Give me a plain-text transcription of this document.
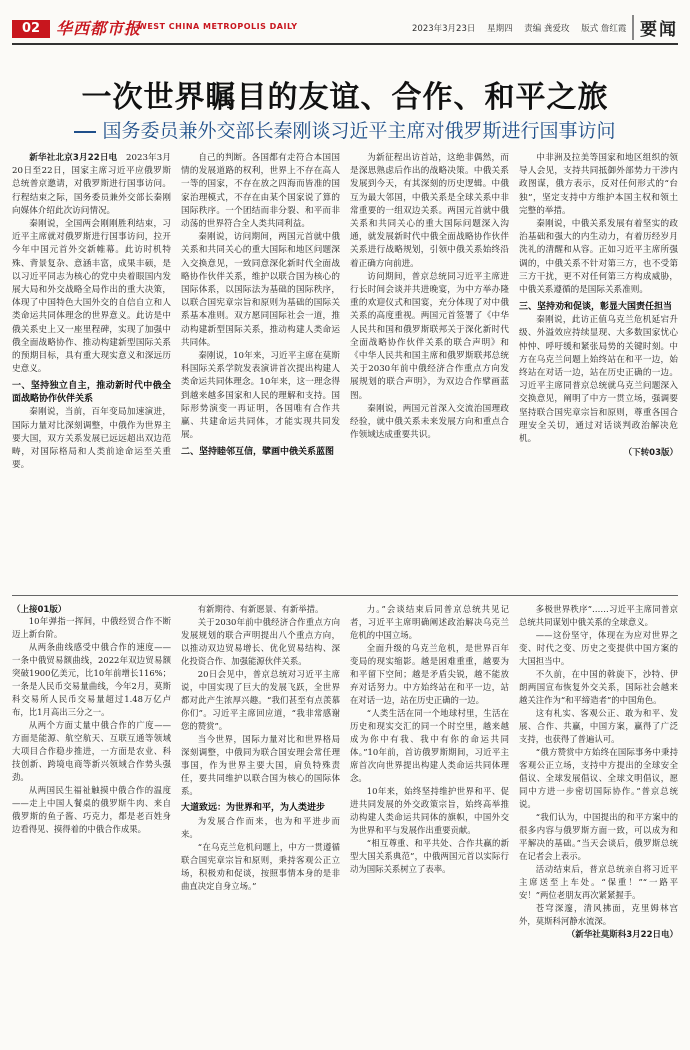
02 华西都市报
WEST CHINA METROPOLIS DAILY	2023年3月23日 星期四 责编 龚爱玫 版式 詹红霞 要闻
一次世界瞩目的友谊、合作、和平之旅
国务委员兼外交部长秦刚谈习近平主席对俄罗斯进行国事访问

新华社北京3月22日电　 2023年3月20日至22日，国家主席习近平应俄罗斯总统普京邀请，对俄罗斯进行国事访问。行程结束之际，国务委员兼外交部长秦刚向媒体介绍此次访问情况。

秦刚说，全国两会刚刚胜利结束，习近平主席就对俄罗斯进行国事访问，拉开今年中国元首外交新帷幕。此访时机特殊、背景复杂、意涵丰富，成果丰硕，是以习近平同志为核心的党中央着眼国内发展大局和外交战略全局作出的重大决策，体现了中国特色大国外交的自信自立和人类命运共同体理念的世界意义。此访是中俄关系史上又一座里程碑，实现了加强中俄全面战略协作、推动构建新型国际关系的预期目标，具有重大现实意义和深远历史意义。

一、坚持独立自主，推动新时代中俄全面战略协作伙伴关系

秦刚说，当前，百年变局加速演进，国际力量对比深刻调整，中俄作为世界主要大国，双方关系发展已远远超出双边范畴，对国际格局和人类前途命运至关重要。

自己的判断。各国都有走符合本国国情的发展道路的权利，世界上不存在高人一等的国家，不存在放之四海而皆准的国家治理模式，不存在由某个国家说了算的国际秩序。一个团结而非分裂、和平而非动荡的世界符合全人类共同利益。

秦刚说，访问期间，两国元首就中俄关系和共同关心的重大国际和地区问题深入交换意见，一致同意深化新时代全面战略协作伙伴关系，维护以联合国为核心的国际体系，以国际法为基础的国际秩序，以联合国宪章宗旨和原则为基础的国际关系基本准则。双方愿同国际社会一道，推动构建新型国际关系，推动构建人类命运共同体。

秦刚说，10年来，习近平主席在莫斯科国际关系学院发表演讲首次提出构建人类命运共同体理念。10年来，这一理念得到越来越多国家和人民的理解和支持。国际形势演变一再证明，各国唯有合作共赢、共建命运共同体，才能实现共同发展。

二、坚持睦邻互信，擘画中俄关系蓝图

为新征程出访首站，这绝非偶然，而是深思熟虑后作出的战略决策。中俄关系发展到今天，有其深刻的历史逻辑。中俄互为最大邻国，中俄关系是全球关系中非常重要的一组双边关系。两国元首就中俄关系和共同关心的重大国际问题深入沟通，就发展新时代中俄全面战略协作伙伴关系进行战略规划，引领中俄关系始终沿着正确方向前进。

访问期间，普京总统同习近平主席进行长时间会谈并共进晚宴，为中方举办隆重的欢迎仪式和国宴，充分体现了对中俄关系的高度重视。两国元首签署了《中华人民共和国和俄罗斯联邦关于深化新时代全面战略协作伙伴关系的联合声明》和《中华人民共和国主席和俄罗斯联邦总统关于2030年前中俄经济合作重点方向发展规划的联合声明》，为双边合作擘画蓝图。

秦刚说，两国元首深入交流治国理政经验，就中俄关系未来发展方向和重点合作领域达成重要共识。

中非洲及拉美等国家和地区组织的领导人会见，支持共同抵御外部势力干涉内政图谋，俄方表示，反对任何形式的“台独”，坚定支持中方维护本国主权和领土完整的举措。

秦刚说，中俄关系发展有着坚实的政治基础和强大的内生动力，有着历经岁月洗礼的清醒和从容。正如习近平主席所强调的，中俄关系不针对第三方，也不受第三方干扰，更不对任何第三方构成威胁，中俄关系遵循的是国际关系准则。

三、坚持劝和促谈，彰显大国责任担当

秦刚说，此访正值乌克兰危机延宕升级、外溢效应持续显现、大多数国家忧心忡忡、呼吁缓和紧张局势的关键时刻。中方在乌克兰问题上始终站在和平一边，始终站在对话一边，站在历史正确的一边。习近平主席同普京总统就乌克兰问题深入交换意见，阐明了中方一贯立场，强调要坚持联合国宪章宗旨和原则，尊重各国合理安全关切，通过对话谈判政治解决危机。

（下转03版）

（上接01版）

10年弹指一挥间，中俄经贸合作不断迈上新台阶。

从两条曲线感受中俄合作的速度——一条中俄贸易额曲线，2022年双边贸易额突破1900亿美元，比10年前增长116%；一条是人民币交易量曲线，今年2月，莫斯科交易所人民币交易量超过1.48万亿卢布，比1月高出三分之一。

从两个方面丈量中俄合作的广度——方面是能源、航空航天、互联互通等领域大项目合作稳步推进，一方面是农业、科技创新、跨境电商等新兴领域合作势头强劲。

从两国民生福祉触摸中俄合作的温度——走上中国人餐桌的俄罗斯牛肉、来自俄罗斯的鱼子酱、巧克力，都是老百姓身边看得见、摸得着的中俄合作成果。

有新期待、有新愿景、有新举措。

关于2030年前中俄经济合作重点方向发展规划的联合声明提出八个重点方向，以推动双边贸易增长、优化贸易结构、深化投资合作、加强能源伙伴关系。

20日会见中，普京总统对习近平主席说，中国实现了巨大的发展飞跃，全世界都对此产生浓厚兴趣。“我们甚至有点羡慕你们”。习近平主席回应道，“我非常感谢您的赞赏”。

当今世界，国际力量对比和世界格局深刻调整，中俄同为联合国安理会常任理事国，作为世界主要大国，肩负特殊责任，要共同维护以联合国为核心的国际体系。

大道致远：为世界和平，为人类进步

为发展合作而来，也为和平进步而来。

“在乌克兰危机问题上，中方一贯遵循联合国宪章宗旨和原则，秉持客观公正立场，积极劝和促谈，按照事情本身的是非曲直决定自身立场。”

力。”会谈结束后同普京总统共见记者，习近平主席明确阐述政治解决乌克兰危机的中国立场。

全面升级的乌克兰危机，是世界百年变局的现实缩影。越是困难重重，越要为和平留下空间；越是矛盾尖锐，越不能放弃对话努力。中方始终站在和平一边，站在对话一边，站在历史正确的一边。

“人类生活在同一个地球村里，生活在历史和现实交汇的同一个时空里，越来越成为你中有我、我中有你的命运共同体。”10年前，首访俄罗斯期间，习近平主席首次向世界提出构建人类命运共同体理念。

10年来，始终坚持维护世界和平、促进共同发展的外交政策宗旨，始终高举推动构建人类命运共同体的旗帜，中国外交为世界和平与发展作出重要贡献。

“相互尊重、和平共处、合作共赢的新型大国关系典范”，中俄两国元首以实际行动为国际关系树立了表率。

多极世界秩序”……习近平主席同普京总统共同谋划中俄关系的全球意义。

——这份坚守，体现在为应对世界之变、时代之变、历史之变提供中国方案的大国担当中。

不久前，在中国的斡旋下，沙特、伊朗两国宣布恢复外交关系，国际社会越来越关注作为“和平缔造者”的中国角色。

这有札实、客观公正、敢为和平、发展、合作、共赢，中国方案，赢得了广泛支持，也获得了普遍认可。

“俄方赞赏中方始终在国际事务中秉持客观公正立场，支持中方提出的全球安全倡议、全球发展倡议、全球文明倡议，愿同中方进一步密切国际协作。”普京总统说。

“我们认为，中国提出的和平方案中的很多内容与俄罗斯方面一致，可以成为和平解决的基础。”当天会谈后，俄罗斯总统在记者会上表示。

活动结束后，普京总统亲自将习近平主席送至上车处。“保重！”“一路平安！”两位老朋友再次紧紧握手。

苍穹深邃，清风拂面，克里姆林宫外，莫斯科河静水流深。

（新华社莫斯科3月22日电）
